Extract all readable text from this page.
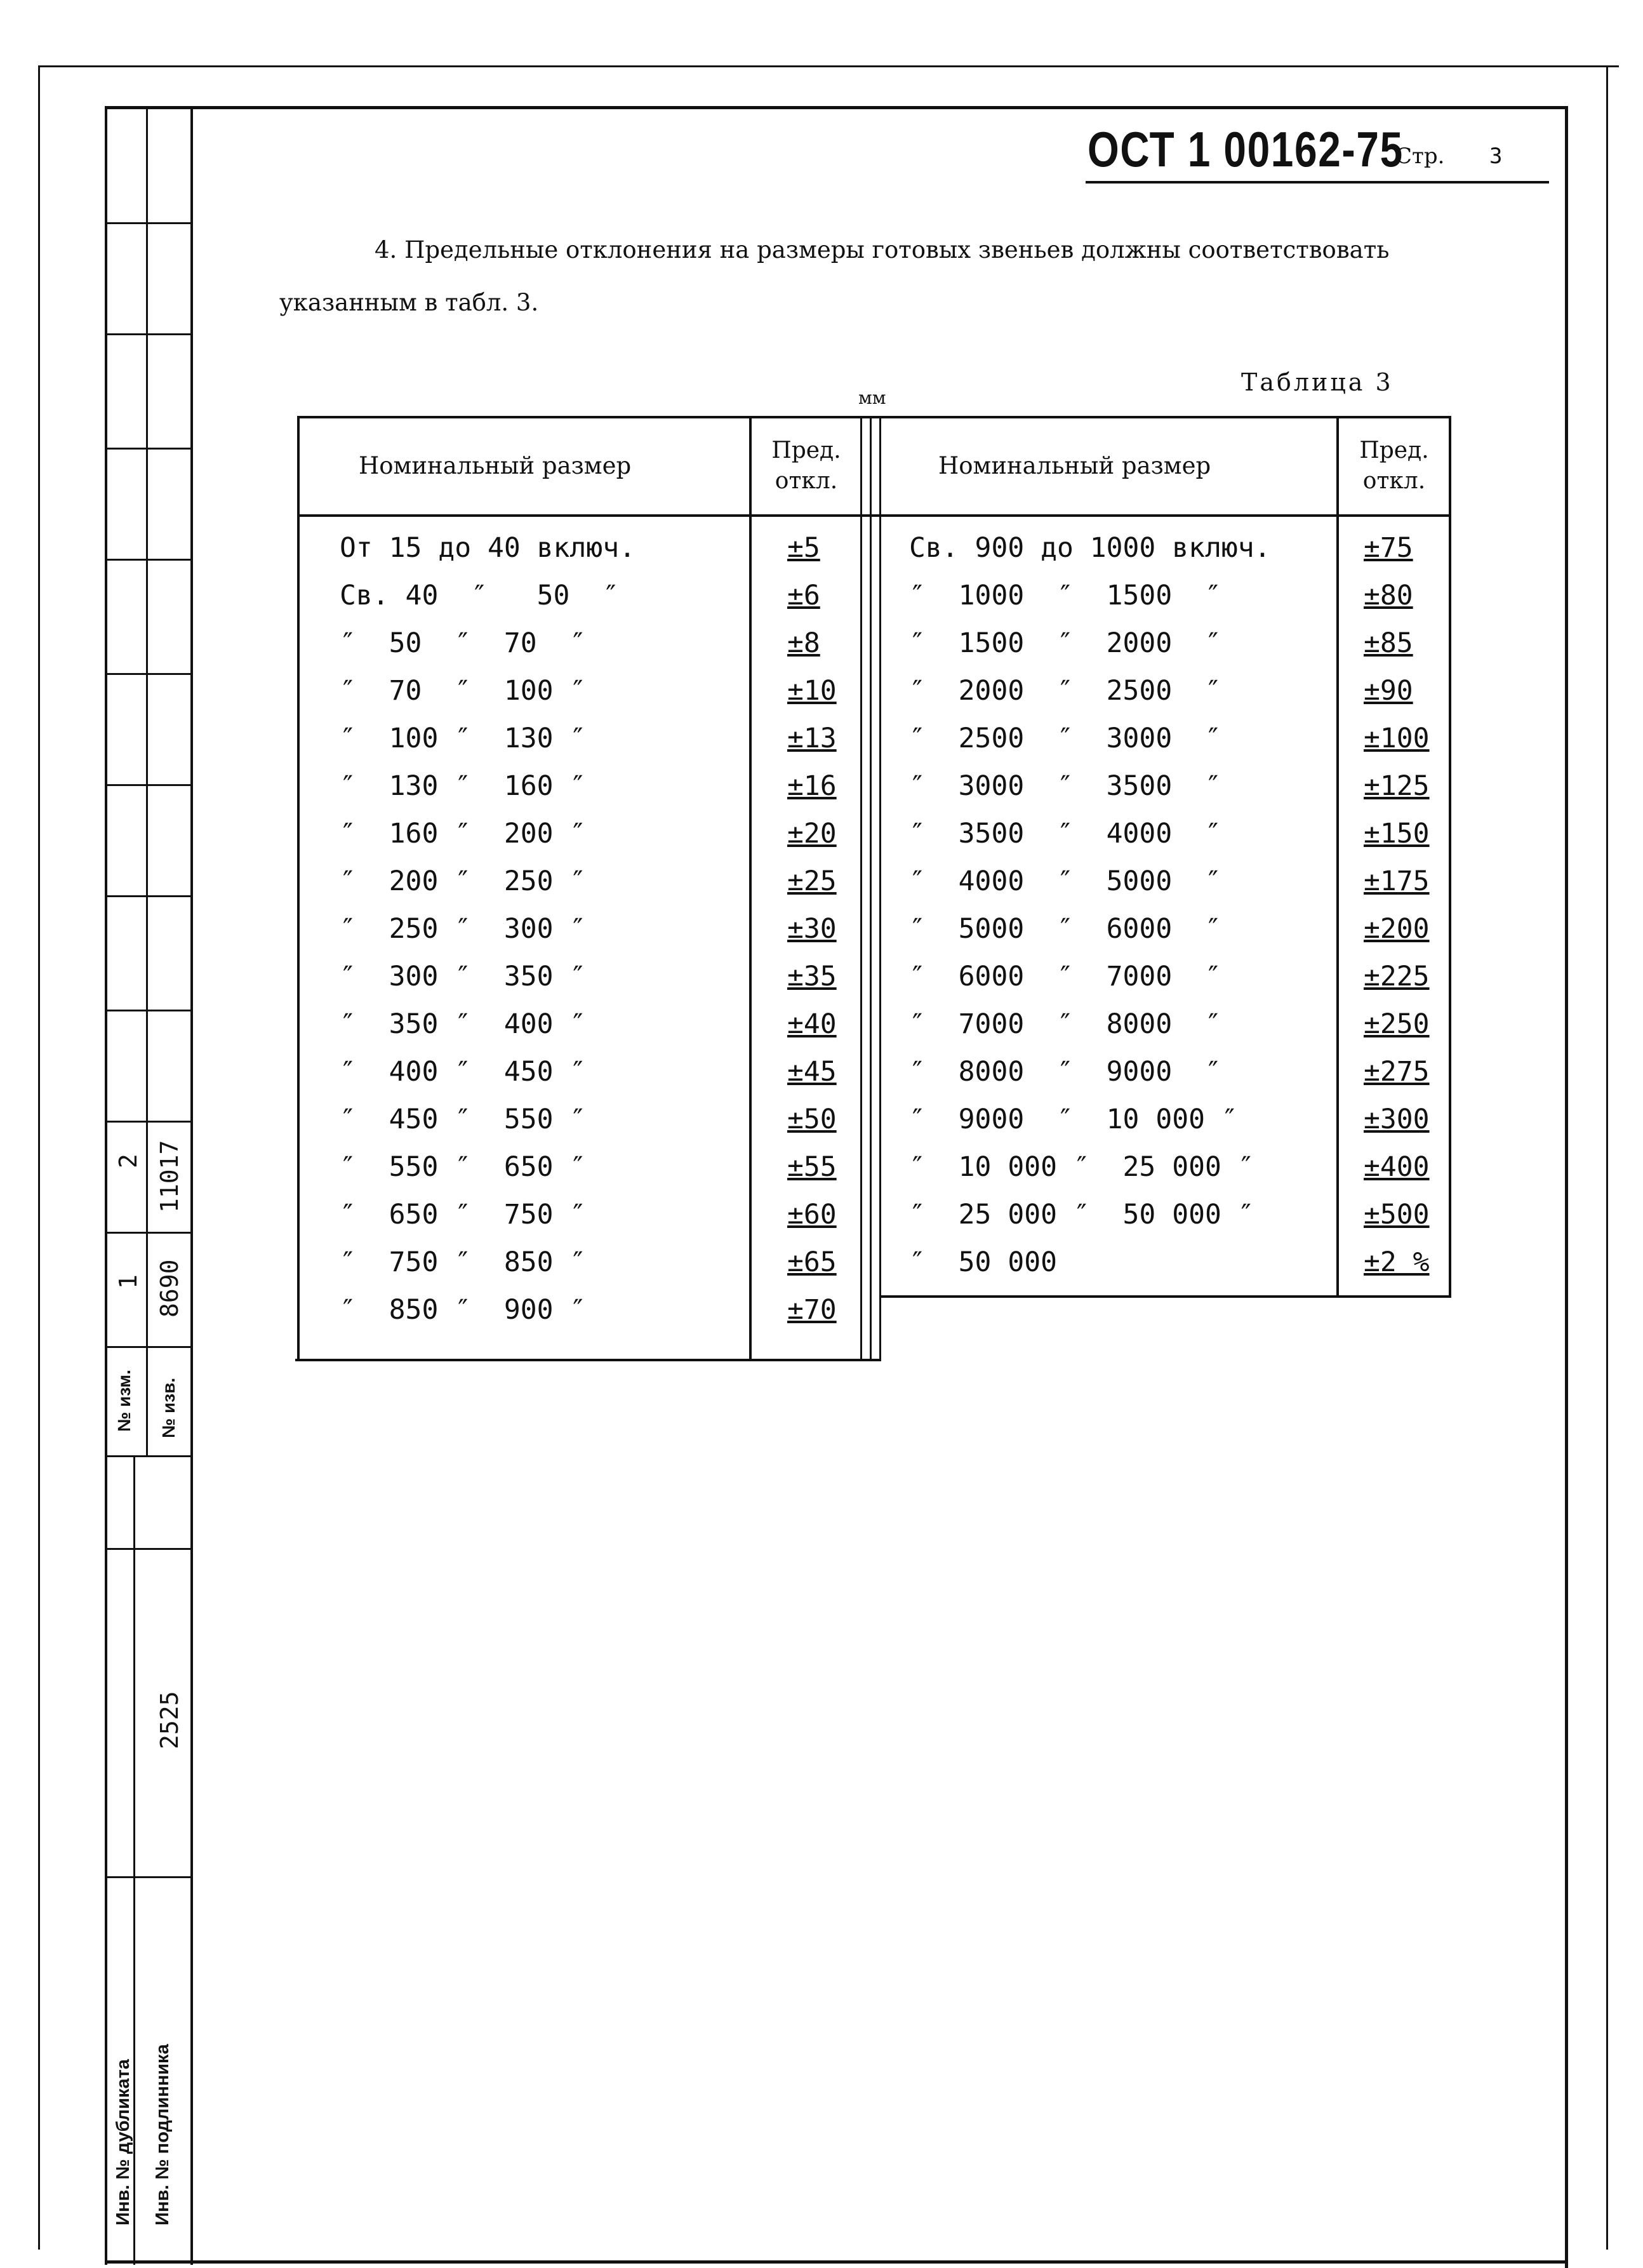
2 11017
1 8690
№ изм. № изв.
2525
Инв. № дубликата Инв. № подлинника
ОСТ 1 00162-75
Стр. 3
4. Предельные отклонения на размеры готовых звеньев должны соответствовать
указанным в табл. 3.
Таблица 3
мм
Номинальный размер
Пред.
откл.
От 15 до 40 включ.	±5
Св. 40  ″   50  ″	±6
″  50  ″  70  ″	±8
″  70  ″  100 ″	±10
″  100 ″  130 ″	±13
″  130 ″  160 ″	±16
″  160 ″  200 ″	±20
″  200 ″  250 ″	±25
″  250 ″  300 ″	±30
″  300 ″  350 ″	±35
″  350 ″  400 ″	±40
″  400 ″  450 ″	±45
″  450 ″  550 ″	±50
″  550 ″  650 ″	±55
″  650 ″  750 ″	±60
″  750 ″  850 ″	±65
″  850 ″  900 ″	±70
Номинальный размер
Пред.
откл.
Св. 900 до 1000 включ.	±75
″  1000  ″  1500  ″	±80
″  1500  ″  2000  ″	±85
″  2000  ″  2500  ″	±90
″  2500  ″  3000  ″	±100
″  3000  ″  3500  ″	±125
″  3500  ″  4000  ″	±150
″  4000  ″  5000  ″	±175
″  5000  ″  6000  ″	±200
″  6000  ″  7000  ″	±225
″  7000  ″  8000  ″	±250
″  8000  ″  9000  ″	±275
″  9000  ″  10 000 ″	±300
″  10 000 ″  25 000 ″	±400
″  25 000 ″  50 000 ″	±500
″  50 000	±2 %
